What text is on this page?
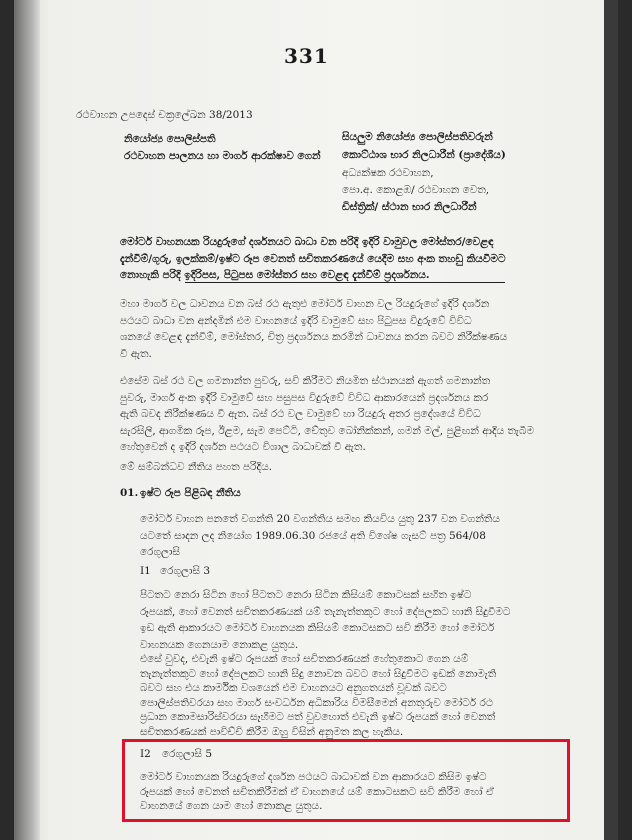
331
රථවාහන උපදෙස් චක්‍රලේඛන 38/2013
නියෝජ්‍ය පොලිස්පති
රථවාහන පාලනය හා මාර්ග ආරක්ෂාව ගෙන්
සියලුම නියෝජ්‍ය පොලිස්පතිවරුන්
කොට්ඨාශ භාර නිලධාරීන් (ප්‍රාදේශීය)
අධ්‍යක්ෂක රථවාහන,
පො.අ. කොළඹ/ රථවාහන වෙත,
ඩිස්ත්‍රික්/ ස්ථාන භාර නිලධාරීන්
මෝටර් වාහනයක රියදුරුගේ දර්ශනයට බාධා වන පරිදි ඉදිරි වාමුවල මෝස්තර/වෙළඳ
දැන්වීම්/ගුරු, ඉලක්කම්/ඉෂ්ට රූප වෙනත් සචිතකරණයේ යෙදීම සහ අංක තහඩු කියවීමට
නොහැකි පරිදි ඉදිරිපස, පිටුපස මෝස්තර සහ වෙළඳ දැන්වීම් ප්‍රදර්ශනය.
මහා මාර්ග වල ධාවනය වන බස් රථ ඇතුළු මෝටර් වාහන වල රියදුරුගේ ඉදිරි දර්ශන
පථයට බාධා වන අන්දමින් එම වාහනයේ ඉදිරි වාමුවේ සහ පිටුපස විදුරුවේ විවිධ
ශනයේ වෙළඳ දැන්වීම්, මෝස්තර, චිත්‍ර ප්‍රදර්ශනය කරමින් ධාවනය කරන බවට නිරීක්ෂණය
වී ඇත.
එසේම බස් රථ වල ගමනාන්ත පුවරු, සවි කිරීමට නියමිත ස්ථානයක් ඇගත් ගමනාන්ත
පුවරු, මාර්ග අංක ඉදිරි වාමුවේ සහ පසුපස විදුරුවේ විවිධ ආකාරයෙන් ප්‍රදර්ශනය කර
ඇති බවද නිරීක්ෂණය වී ඇත. බස් රථ වල වාමුවේ හා රියදුරු අතර ප්‍රදේශයේ විවිධ
සැරසිලි, ආගමික රූප, ඊළම, සැම පෙට්ටි, චේතුව බෝනික්කන්, ගමන් මල්, පුළිඟන් ආදිය තැබීම
හේතුවෙන් ද ඉදිරි දර්ශන පථයට විශාල බාධාවක් වී ඇත.
මේ සම්බන්ධව නීතිය පහත පරිදිය.
01. ඉෂ්ට රූප පිළිබඳ නීතිය
මෝටර් වාහන පනතේ වගන්ති 20 වගන්තිය සමඟ කියවිය යුතු 237 වන වගන්තිය
යටතේ සාදන ලද නියෝග 1989.06.30 රජයේ අති විශේෂ ගැසට් පත්‍ර 564/08
රෙගුලාසි
I1 රෙගුලාසි 3
පිටතට නෙරා සිටින හෝ පිටතට නෙරා සිටින කිසියම් කොටසක් සහිත ඉෂ්ට
රූපයක්, හෝ වෙනත් සචිතකරණයක් යම් තැනැත්තකුට හෝ දේපලකට හානි සිදුවීමට
ඉඩ ඇති ආකාරයට මෝටර් වාහනයක කිසියම් කොටසකට සවි කිරීම හෝ මෝටර්
වාහනයක ගෙනයාම නොකළ යුතුය.
එසේ වුවද, එවැනි ඉෂ්ට රූපයක් හෝ සචිතකරණයක් හේතුකොට ගෙන යම්
තැනැත්තකුට හෝ දේපලකට හානි සිදු නොවන බවට හෝ සිදුවීමට ඉඩක් නොමැති
බවට සහ එය කාර්මික වශයෙන් එම වාහනයට අනුගතයන් වූවක් බවට
පොලිස්පතිවරයා සහ මාර්ග සංවර්ධන අධිකාරිය විමසීමෙන් අනතුරුව මෝටර් රථ
ප්‍රධාන කොමසාරිස්වරයා සෑහීමට පත් වුවහොත් එවැනි ඉෂ්ට රූපයක් හෝ වෙනත්
සචිතකරණයක් පාවිච්චි කිරීම ඔහු විසින් අනුමත කල හැකිය.
I2 රෙගුලාසි 5
මෝටර් වාහනයක රියදුරුගේ දර්ශන පථයට බාධාවක් වන ආකාරයට කිසිම ඉෂ්ට
රූපයක් හෝ වෙනත් සචිතකිරීමක් ඒ වාහනයේ යම් කොටසකට සවි කිරීම හෝ ඒ
වාහනයේ ගෙන යාම හෝ නොකළ යුතුය.
